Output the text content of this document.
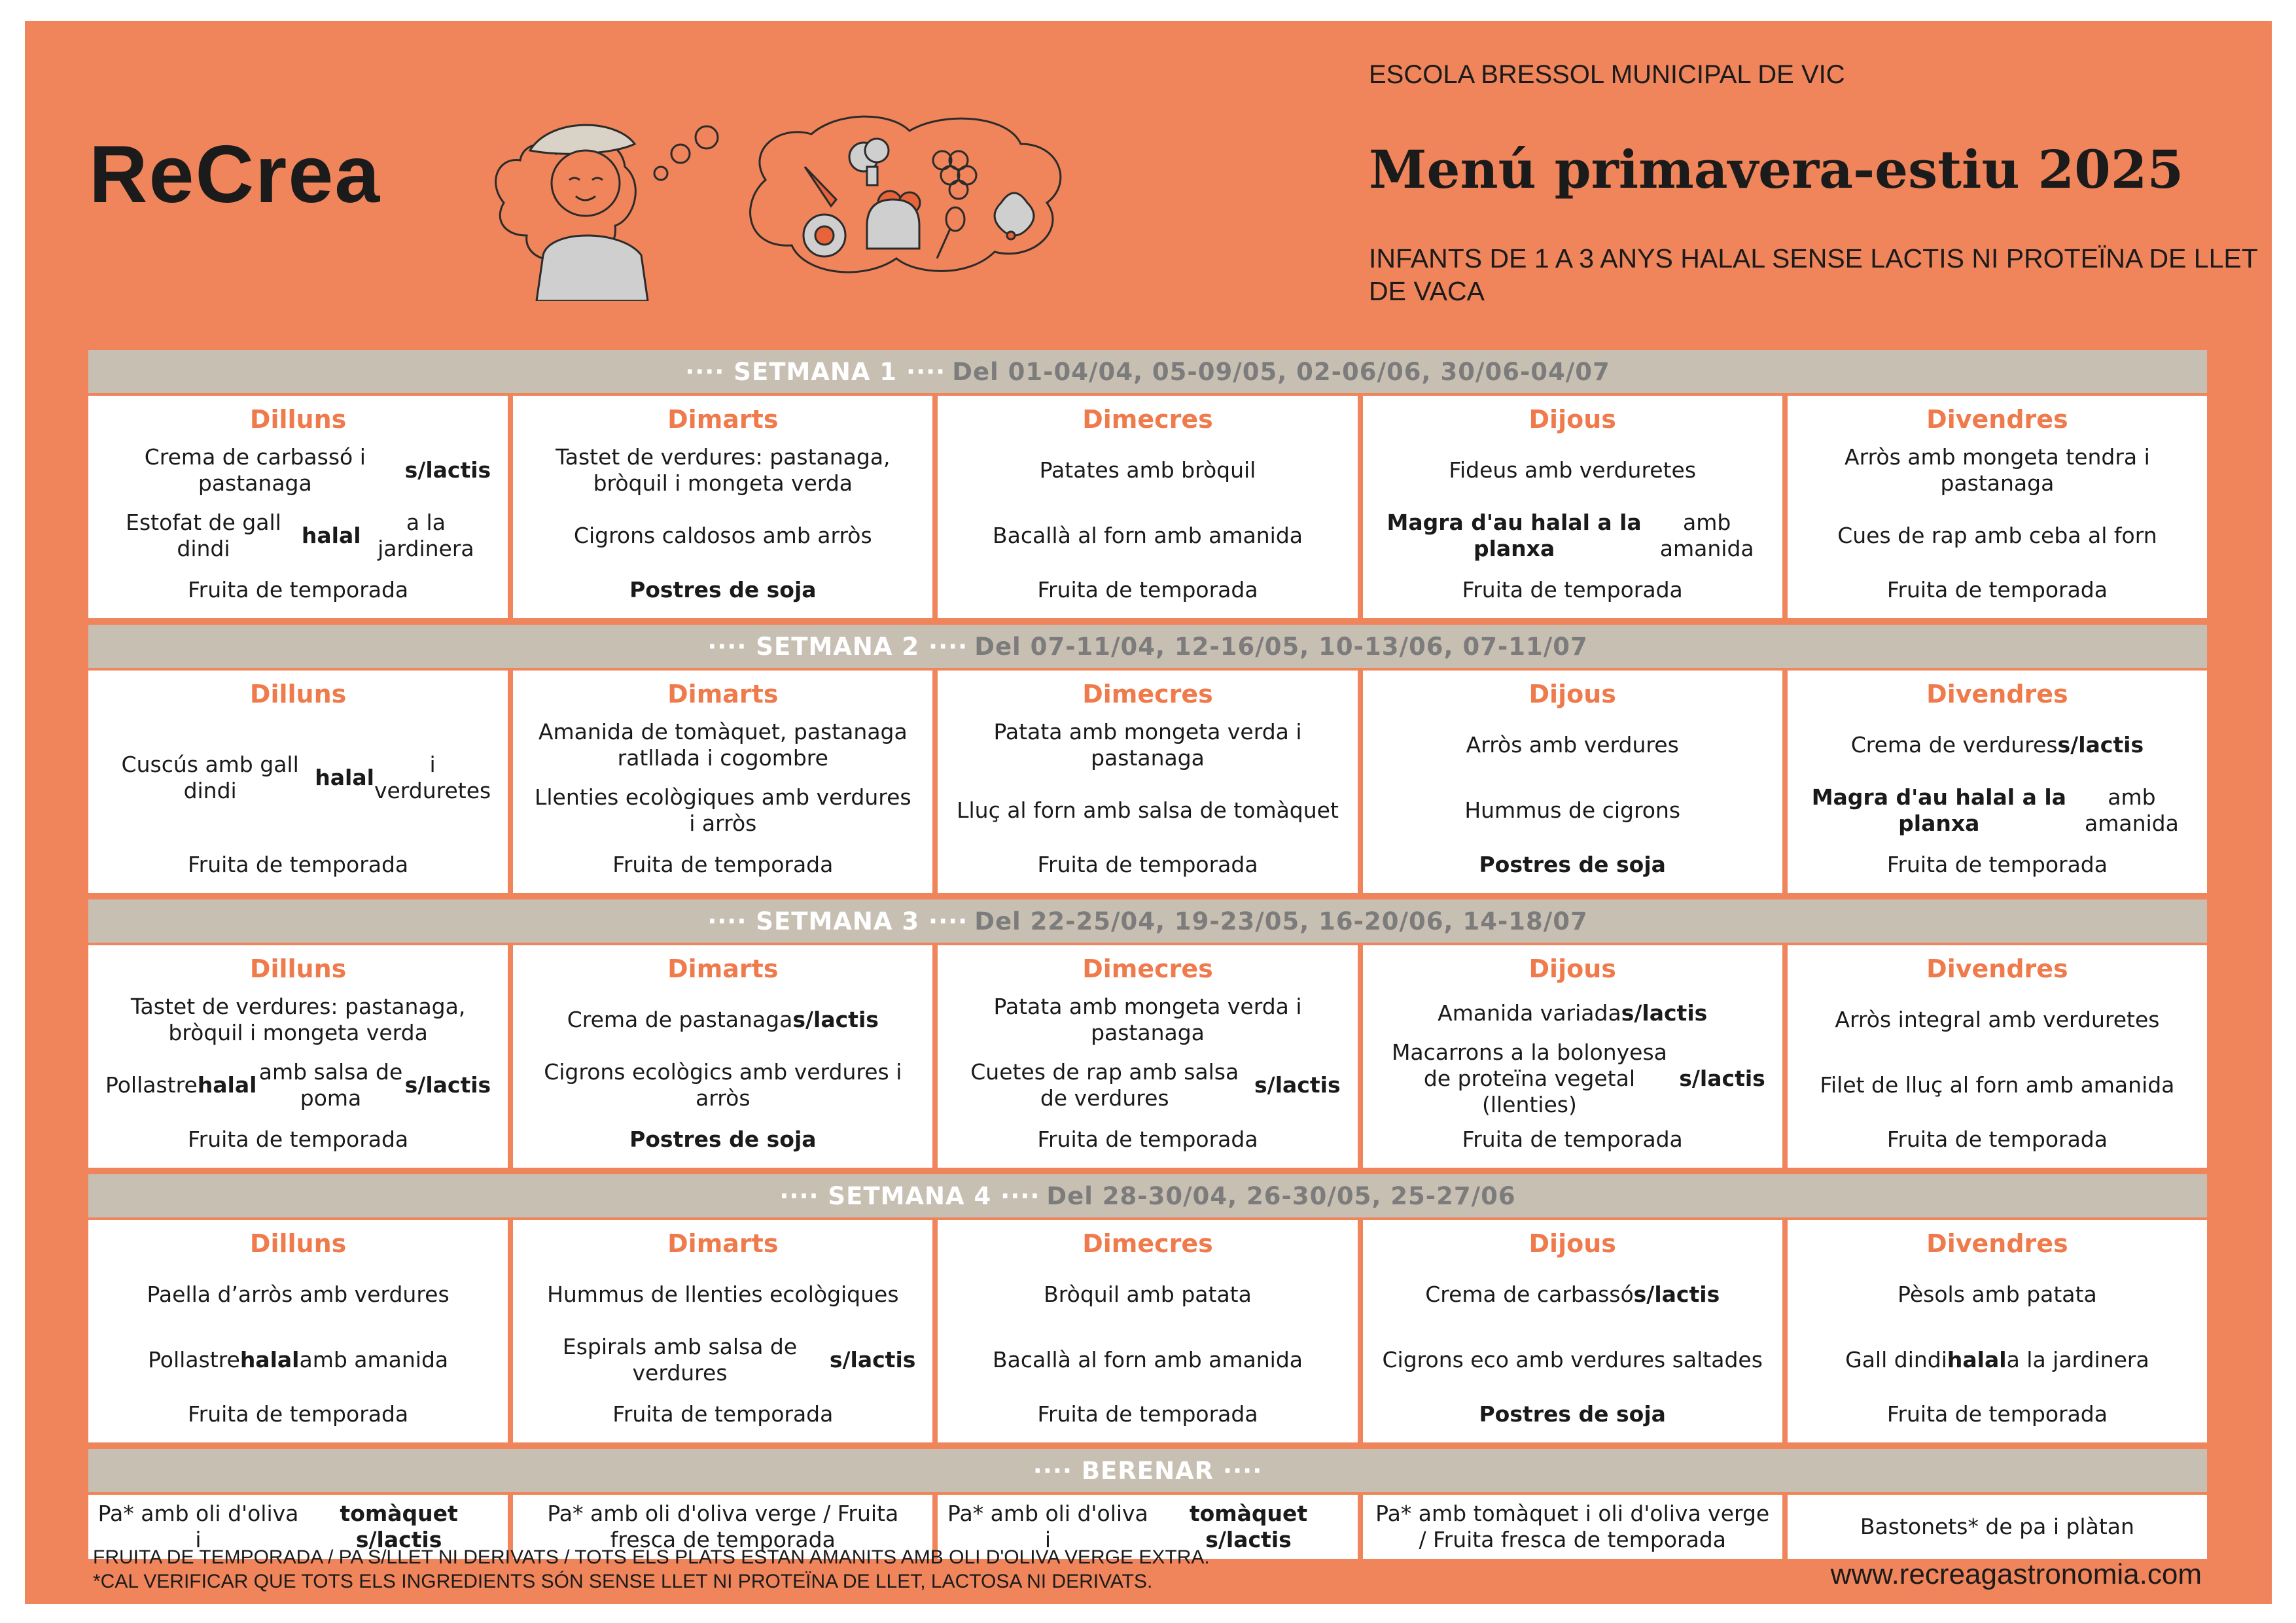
ReCrea
ESCOLA BRESSOL MUNICIPAL DE VIC
Menú primavera-estiu 2025
INFANTS DE 1 A 3 ANYS HALAL SENSE LACTIS NI PROTEÏNA DE LLET DE VACA
···· SETMANA 1 ···· Del 01-04/04, 05-09/05, 02-06/06, 30/06-04/07
Dilluns
Crema de carbassó i pastanaga
s/lactis
Estofat de gall dindi
halal
a la jardinera
Fruita de temporada
Dimarts
Tastet de verdures: pastanaga, bròquil i mongeta verda
Cigrons caldosos amb arròs
Postres de soja
Dimecres
Patates amb bròquil
Bacallà al forn amb amanida
Fruita de temporada
Dijous
Fideus amb verduretes
Magra d'au halal a la planxa
amb amanida
Fruita de temporada
Divendres
Arròs amb mongeta tendra i pastanaga
Cues de rap amb ceba al forn
Fruita de temporada
···· SETMANA 2 ···· Del 07-11/04, 12-16/05, 10-13/06, 07-11/07
Dilluns
Cuscús amb gall dindi
halal
i verduretes
Fruita de temporada
Dimarts
Amanida de tomàquet, pastanaga ratllada i cogombre
Llenties ecològiques amb verdures i arròs
Fruita de temporada
Dimecres
Patata amb mongeta verda i pastanaga
Lluç al forn amb salsa de tomàquet
Fruita de temporada
Dijous
Arròs amb verdures
Hummus de cigrons
Postres de soja
Divendres
Crema de verdures s/lactis
Magra d'au halal a la planxa
amb amanida
Fruita de temporada
···· SETMANA 3 ···· Del 22-25/04, 19-23/05, 16-20/06, 14-18/07
Dilluns
Tastet de verdures: pastanaga, bròquil i mongeta verda
Pollastre halal
amb salsa de poma
s/lactis
Fruita de temporada
Dimarts
Crema de pastanaga s/lactis
Cigrons ecològics amb verdures i arròs
Postres de soja
Dimecres
Patata amb mongeta verda i pastanaga
Cuetes de rap amb salsa de verdures
s/lactis
Fruita de temporada
Dijous
Amanida variada s/lactis
Macarrons a la bolonyesa de proteïna vegetal (llenties)
s/lactis
Fruita de temporada
Divendres
Arròs integral amb verduretes
Filet de lluç al forn amb amanida
Fruita de temporada
···· SETMANA 4 ···· Del 28-30/04, 26-30/05, 25-27/06
Dilluns
Paella d’arròs amb verdures
Pollastre halal amb amanida
Fruita de temporada
Dimarts
Hummus de llenties ecològiques
Espirals amb salsa de verdures
s/lactis
Fruita de temporada
Dimecres
Bròquil amb patata
Bacallà al forn amb amanida
Fruita de temporada
Dijous
Crema de carbassó s/lactis
Cigrons eco amb verdures saltades
Postres de soja
Divendres
Pèsols amb patata
Gall dindi halal a la jardinera
Fruita de temporada
···· BERENAR ····
Pa* amb oli d'oliva i
tomàquet s/lactis
Pa* amb oli d'oliva verge / Fruita fresca de temporada
Pa* amb oli d'oliva i
tomàquet s/lactis
Pa* amb tomàquet i oli d'oliva verge / Fruita fresca de temporada
Bastonets* de pa i plàtan
FRUITA DE TEMPORADA / PA S/LLET NI DERIVATS / TOTS ELS PLATS ESTAN AMANITS AMB OLI D'OLIVA VERGE EXTRA.
*CAL VERIFICAR QUE TOTS ELS INGREDIENTS SÓN SENSE LLET NI PROTEÏNA DE LLET, LACTOSA NI DERIVATS.	www.recreagastronomia.com
